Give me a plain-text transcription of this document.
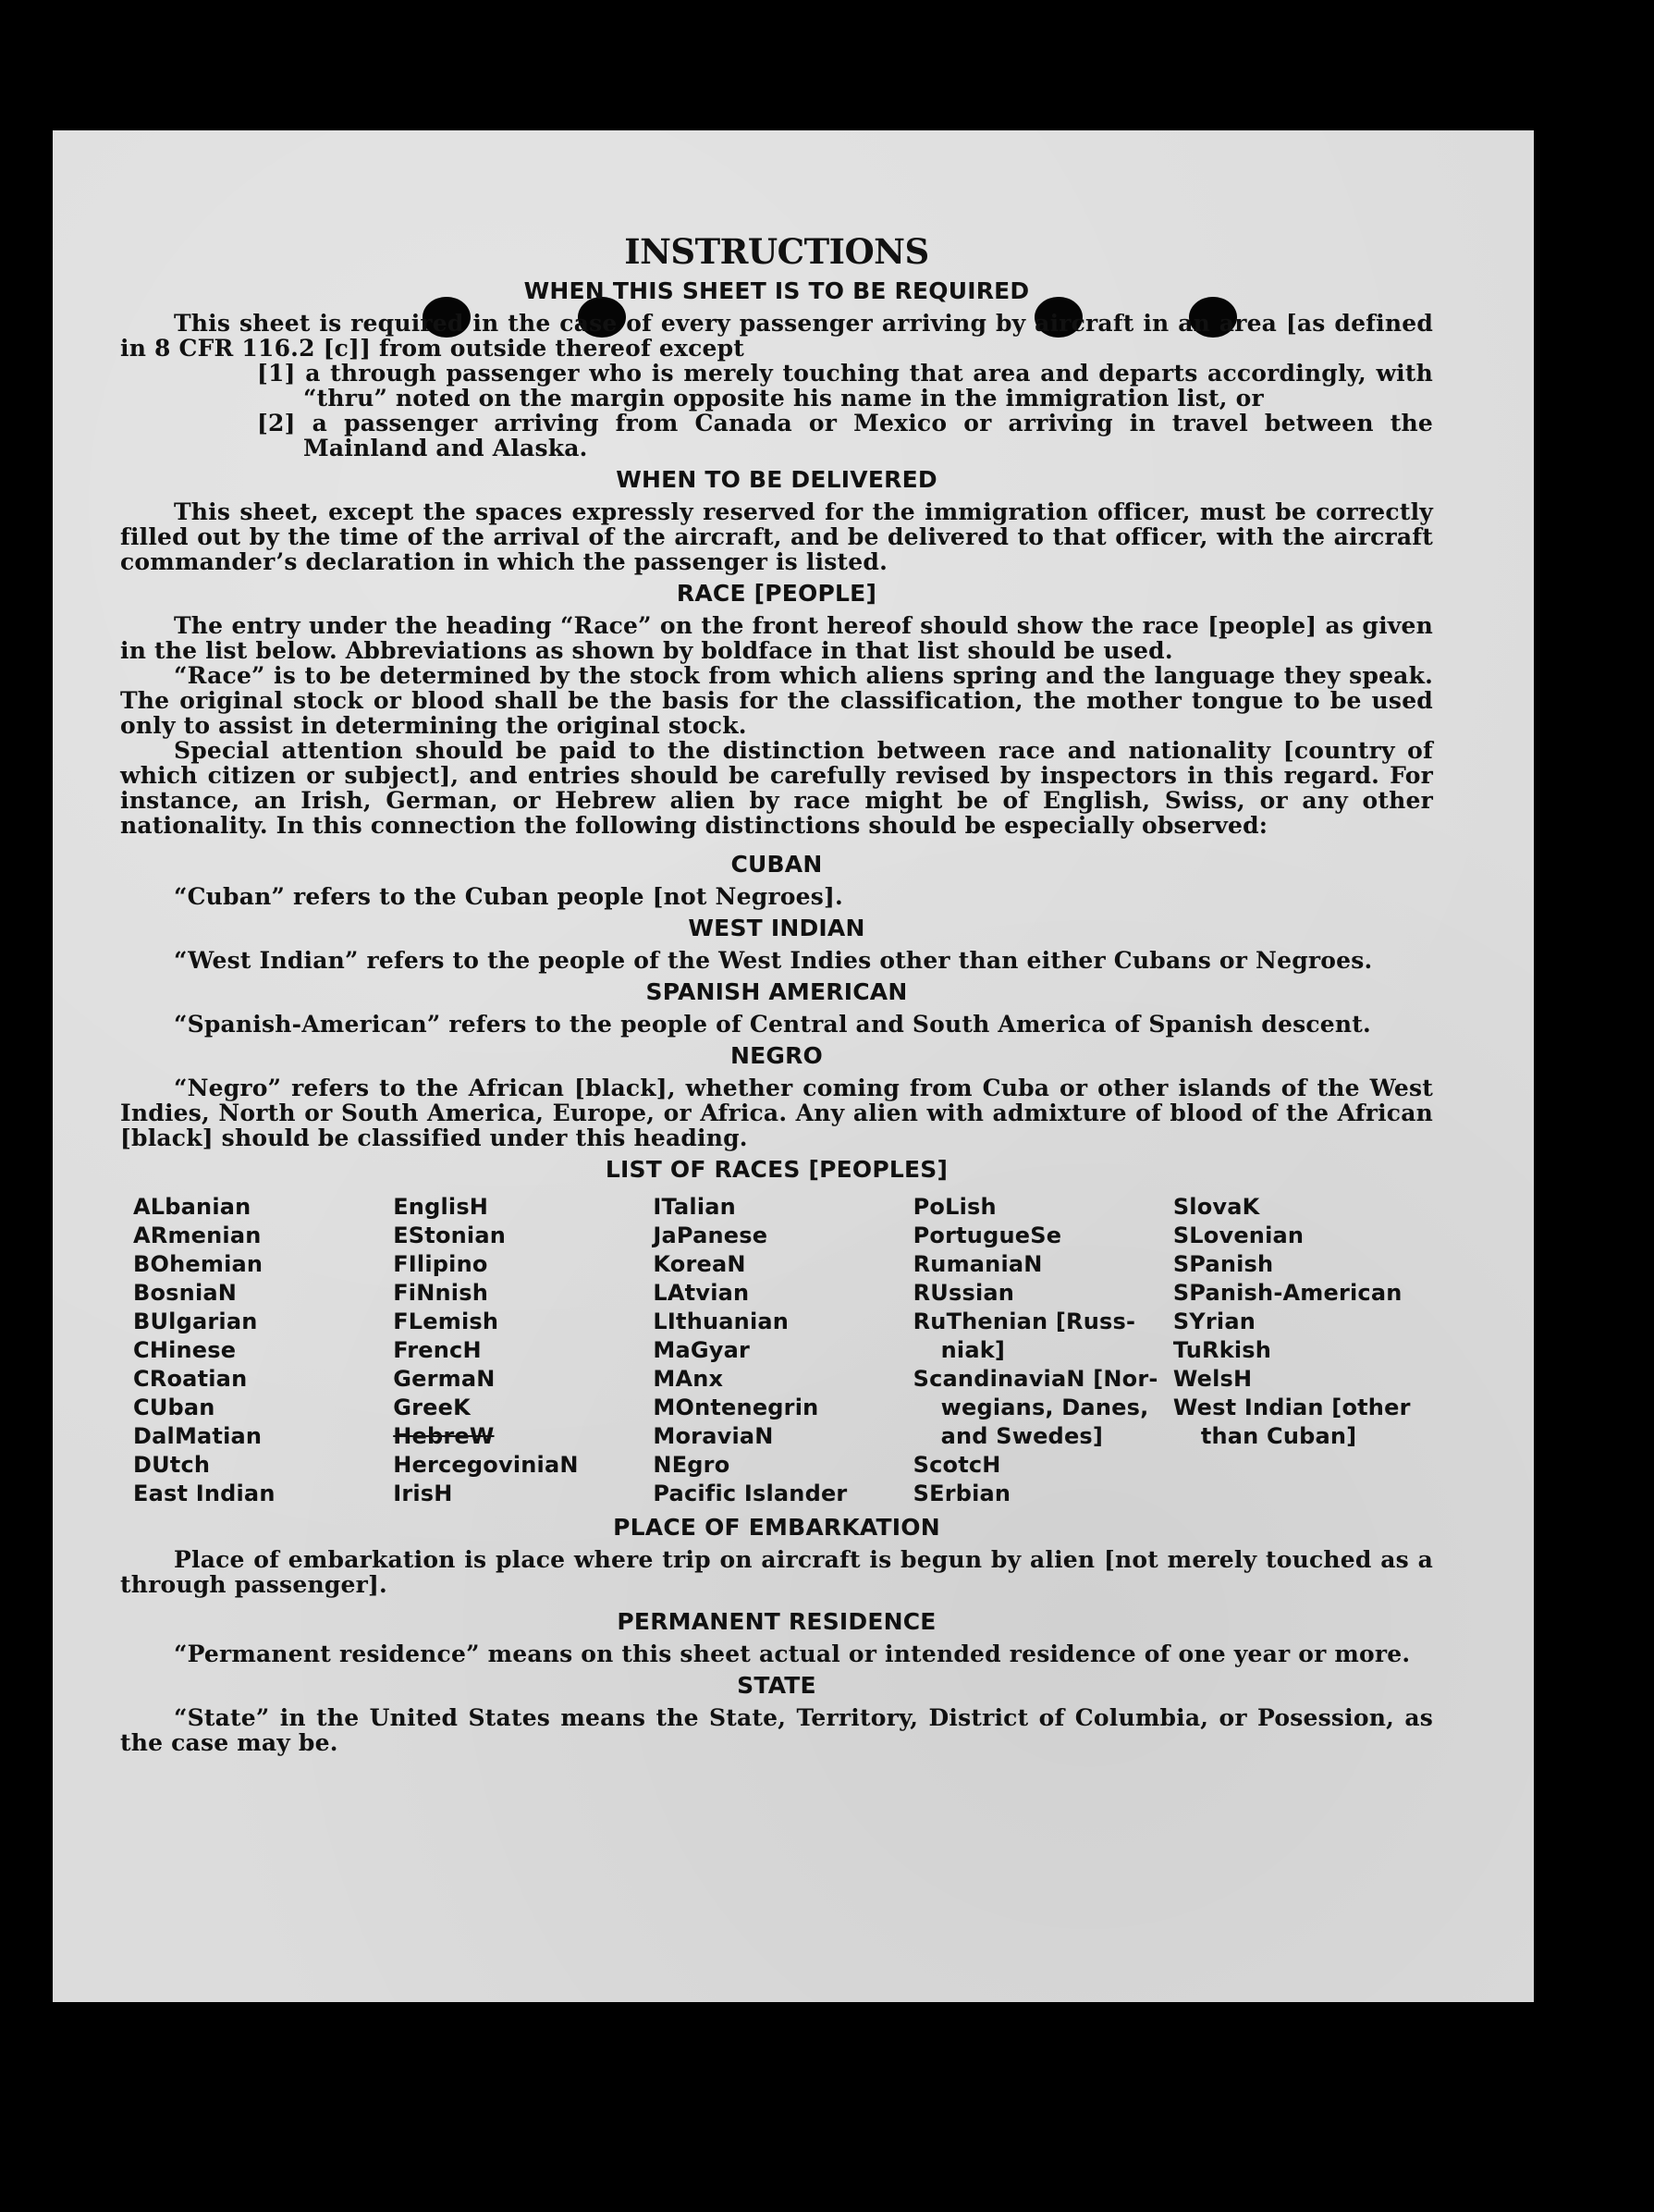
INSTRUCTIONS
WHEN THIS SHEET IS TO BE REQUIRED

This sheet is required in the case of every passenger arriving by aircraft in an area [as defined in 8 CFR 116.2 [c]] from outside thereof except

[1] a through passenger who is merely touching that area and departs accordingly, with “thru” noted on the margin opposite his name in the immigration list, or

[2] a passenger arriving from Canada or Mexico or arriving in travel between the Mainland and Alaska.

WHEN TO BE DELIVERED

This sheet, except the spaces expressly reserved for the immigration officer, must be correctly filled out by the time of the arrival of the aircraft, and be delivered to that officer, with the aircraft commander’s declaration in which the passenger is listed.

RACE [PEOPLE]

The entry under the heading “Race” on the front hereof should show the race [people] as given in the list below. Abbreviations as shown by boldface in that list should be used.

“Race” is to be determined by the stock from which aliens spring and the language they speak. The original stock or blood shall be the basis for the classification, the mother tongue to be used only to assist in determining the original stock.

Special attention should be paid to the distinction between race and nationality [country of which citizen or subject], and entries should be carefully revised by inspectors in this regard. For instance, an Irish, German, or Hebrew alien by race might be of English, Swiss, or any other nationality. In this connection the following distinctions should be especially observed:

CUBAN

“Cuban” refers to the Cuban people [not Negroes].

WEST INDIAN

“West Indian” refers to the people of the West Indies other than either Cubans or Negroes.

SPANISH AMERICAN

“Spanish-American” refers to the people of Central and South America of Spanish descent.

NEGRO

“Negro” refers to the African [black], whether coming from Cuba or other islands of the West Indies, North or South America, Europe, or Africa. Any alien with admixture of blood of the African [black] should be classified under this heading.

LIST OF RACES [PEOPLES]
ALbanian
ARmenian
BOhemian
BosniaN
BUlgarian
CHinese
CRoatian
CUban
DalMatian
DUtch
East Indian
EnglisH
EStonian
FIlipino
FiNnish
FLemish
FrencH
GermaN
GreeK
HebreW
HercegoviniaN
IrisH
ITalian
JaPanese
KoreaN
LAtvian
LIthuanian
MaGyar
MAnx
MOntenegrin
MoraviaN
NEgro
Pacific Islander
PoLish
PortugueSe
RumaniaN
RUssian
RuThenian [Russ-
niak]
ScandinaviaN [Nor-
wegians, Danes,
and Swedes]
ScotcH
SErbian
SlovaK
SLovenian
SPanish
SPanish-American
SYrian
TuRkish
WelsH
West Indian [other
than Cuban]
PLACE OF EMBARKATION

Place of embarkation is place where trip on aircraft is begun by alien [not merely touched as a through passenger].

PERMANENT RESIDENCE

“Permanent residence” means on this sheet actual or intended residence of one year or more.

STATE

“State” in the United States means the State, Territory, District of Columbia, or Posession, as the case may be.
